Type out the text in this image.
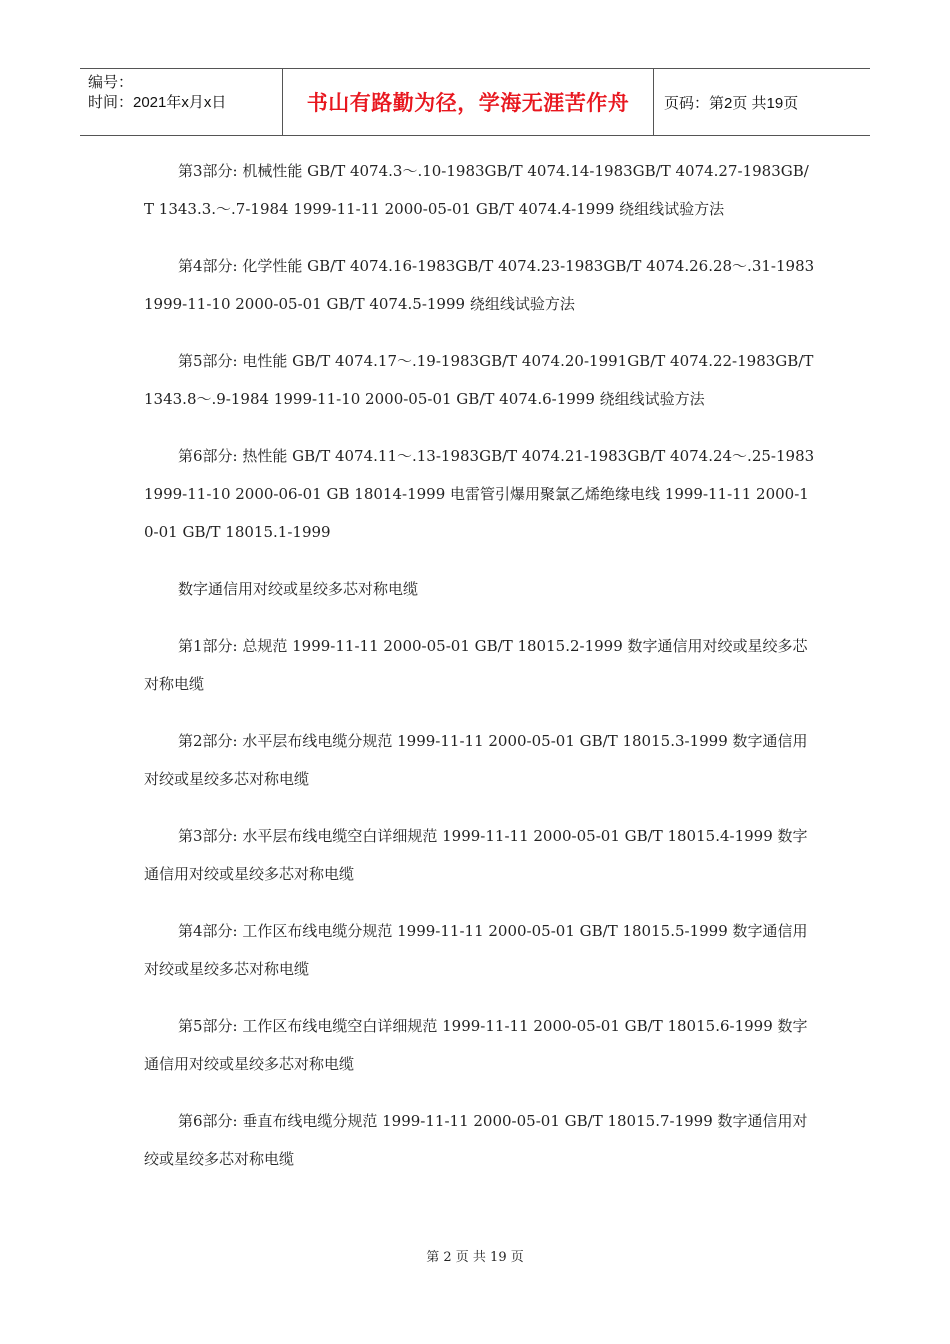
编号：
时间：2021年x月x日	书山有路勤为径，学海无涯苦作舟 页码：第2页 共19页

第3部分: 机械性能 GB/T 4074.3～.10-1983GB/T 4074.14-1983GB/T 4074.27-1983GB/T 1343.3.～.7-1984 1999-11-11 2000-05-01 GB/T 4074.4-1999 绕组线试验方法

第4部分: 化学性能 GB/T 4074.16-1983GB/T 4074.23-1983GB/T 4074.26.28～.31-1983 1999-11-10 2000-05-01 GB/T 4074.5-1999 绕组线试验方法

第5部分: 电性能 GB/T 4074.17～.19-1983GB/T 4074.20-1991GB/T 4074.22-1983GB/T 1343.8～.9-1984 1999-11-10 2000-05-01 GB/T 4074.6-1999 绕组线试验方法

第6部分: 热性能 GB/T 4074.11～.13-1983GB/T 4074.21-1983GB/T 4074.24～.25-1983 1999-11-10 2000-06-01 GB 18014-1999 电雷管引爆用聚氯乙烯绝缘电线 1999-11-11 2000-10-01 GB/T 18015.1-1999

数字通信用对绞或星绞多芯对称电缆

第1部分: 总规范 1999-11-11 2000-05-01 GB/T 18015.2-1999 数字通信用对绞或星绞多芯对称电缆

第2部分: 水平层布线电缆分规范 1999-11-11 2000-05-01 GB/T 18015.3-1999 数字通信用对绞或星绞多芯对称电缆

第3部分: 水平层布线电缆空白详细规范 1999-11-11 2000-05-01 GB/T 18015.4-1999 数字通信用对绞或星绞多芯对称电缆

第4部分: 工作区布线电缆分规范 1999-11-11 2000-05-01 GB/T 18015.5-1999 数字通信用对绞或星绞多芯对称电缆

第5部分: 工作区布线电缆空白详细规范 1999-11-11 2000-05-01 GB/T 18015.6-1999 数字通信用对绞或星绞多芯对称电缆

第6部分: 垂直布线电缆分规范 1999-11-11 2000-05-01 GB/T 18015.7-1999 数字通信用对绞或星绞多芯对称电缆

第 2 页 共 19 页
